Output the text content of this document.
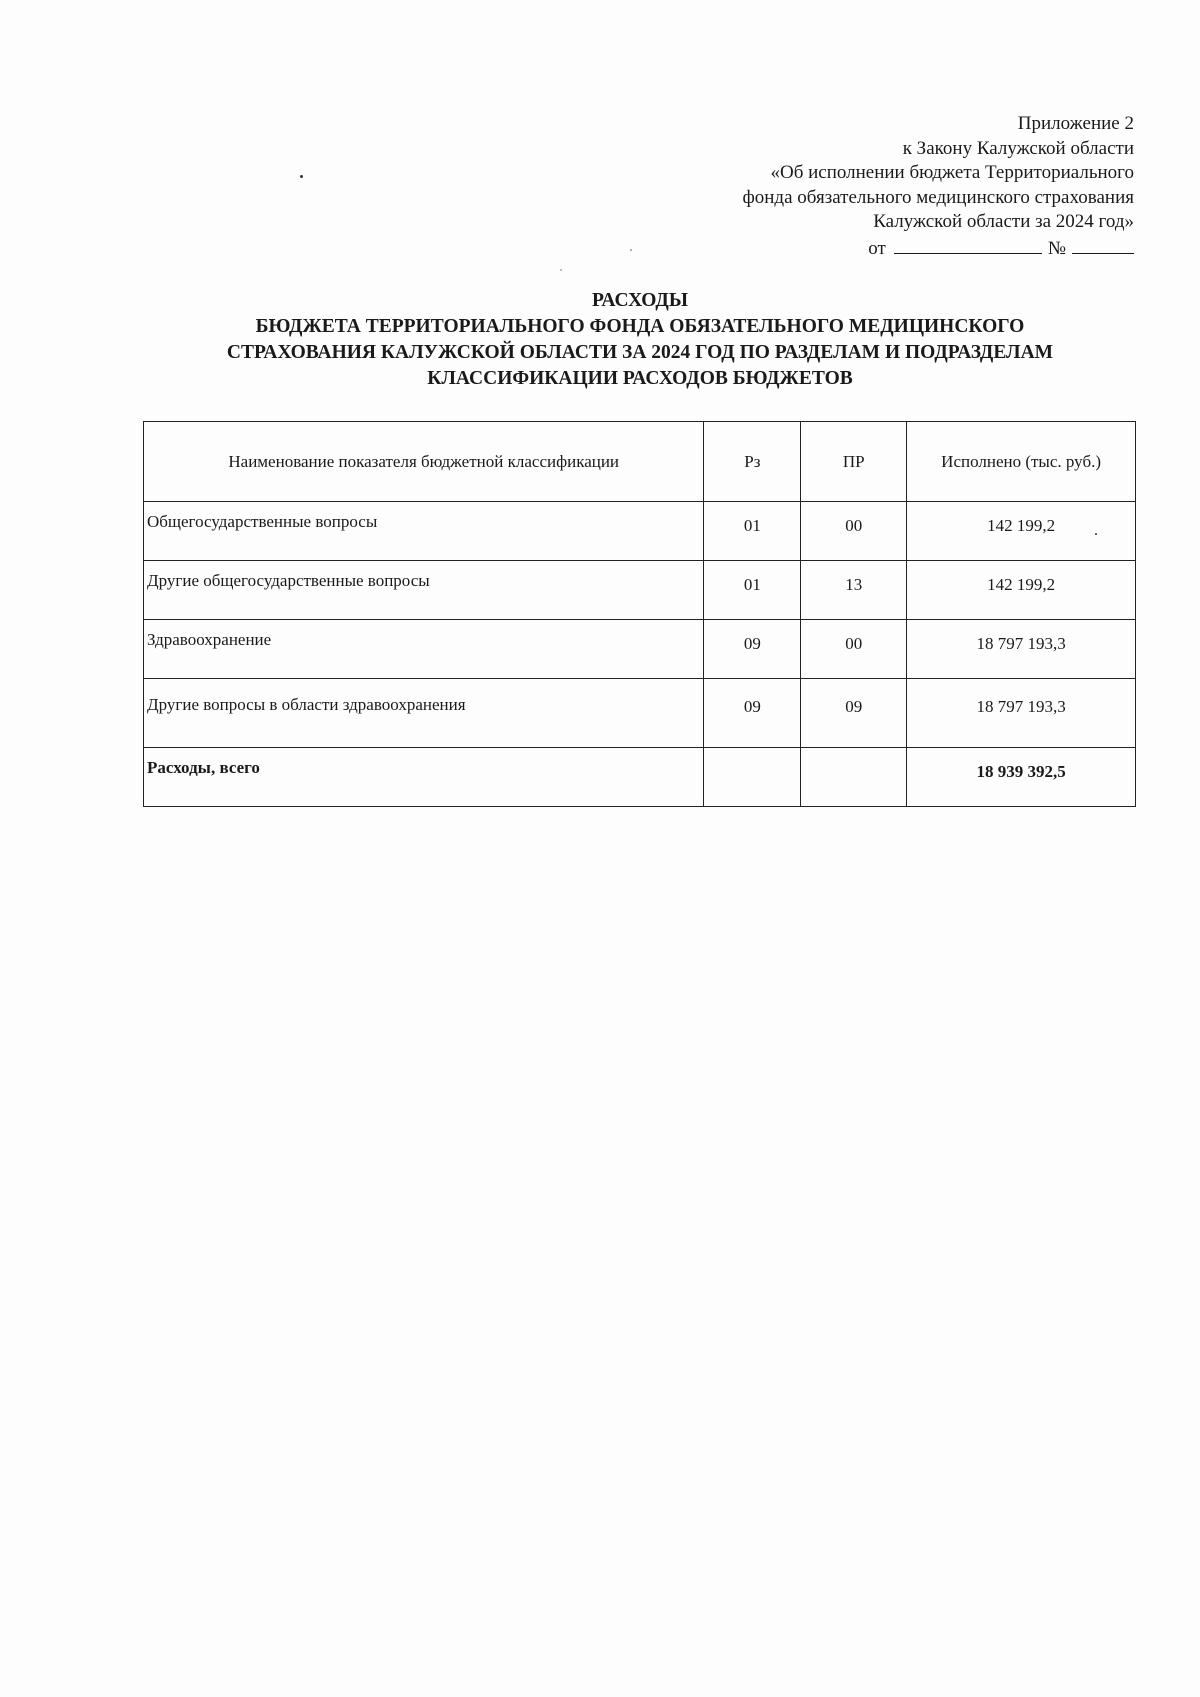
Приложение 2
к Закону Калужской области
«Об исполнении бюджета Территориального
фонда обязательного медицинского страхования
Калужской области за 2024 год»
от	№
РАСХОДЫ
БЮДЖЕТА ТЕРРИТОРИАЛЬНОГО ФОНДА ОБЯЗАТЕЛЬНОГО МЕДИЦИНСКОГО
СТРАХОВАНИЯ КАЛУЖСКОЙ ОБЛАСТИ ЗА 2024 ГОД ПО РАЗДЕЛАМ И ПОДРАЗДЕЛАМ
КЛАССИФИКАЦИИ РАСХОДОВ БЮДЖЕТОВ
Наименование показателя бюджетной классификации	Рз	ПР	Исполнено (тыс. руб.)
Общегосударственные вопросы	01	00	142 199,2
Другие общегосударственные вопросы	01	13	142 199,2
Здравоохранение	09	00	18 797 193,3
Другие вопросы в области здравоохранения	09	09	18 797 193,3
Расходы, всего			18 939 392,5
